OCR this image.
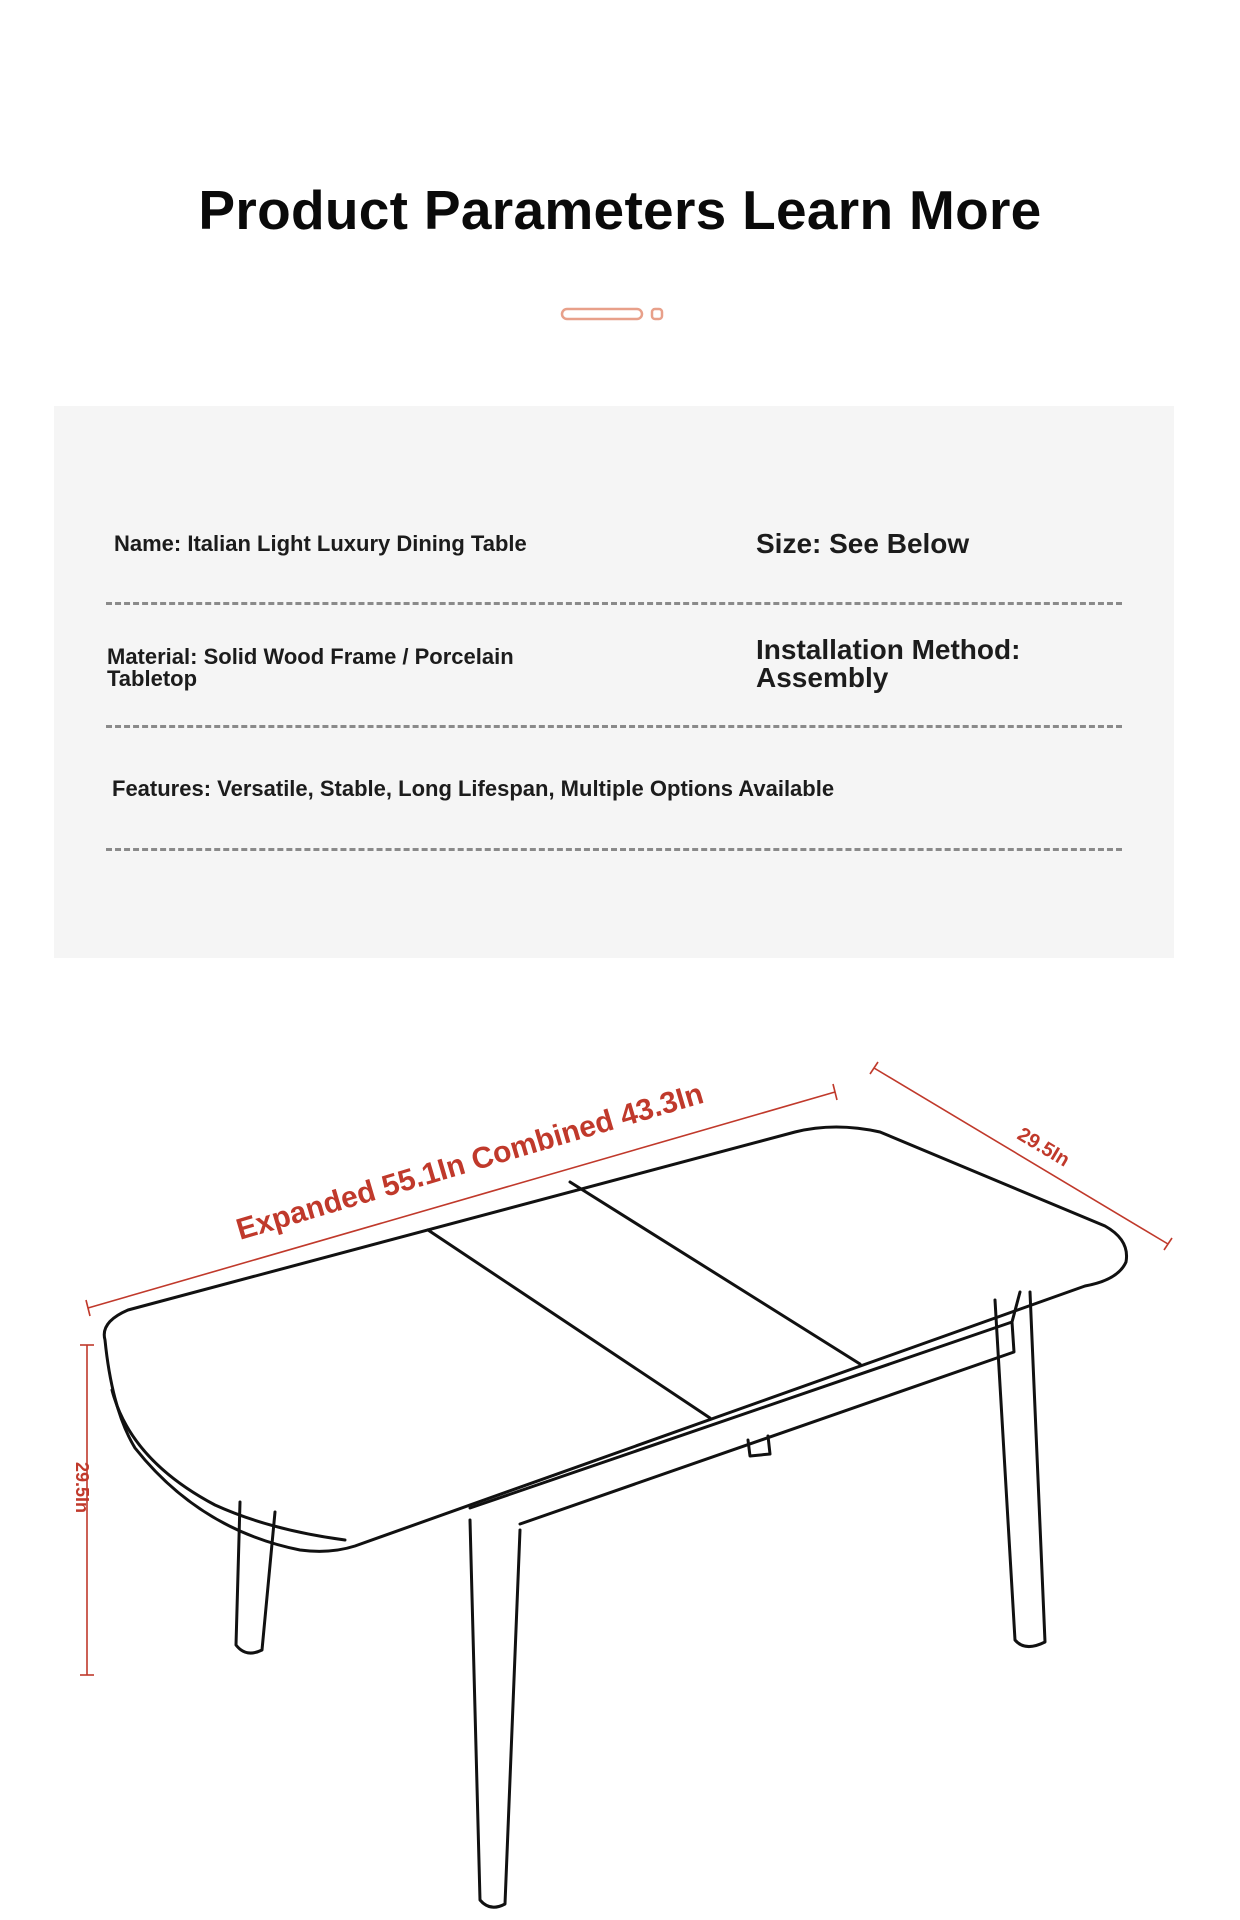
Product Parameters Learn More
Name: Italian Light Luxury Dining Table	Size: See Below
Material: Solid Wood Frame / Porcelain
Tabletop
Installation Method:
Assembly
Features: Versatile, Stable, Long Lifespan, Multiple Options Available
Expanded 55.1In Combined 43.3In	29.5In
29.5In
